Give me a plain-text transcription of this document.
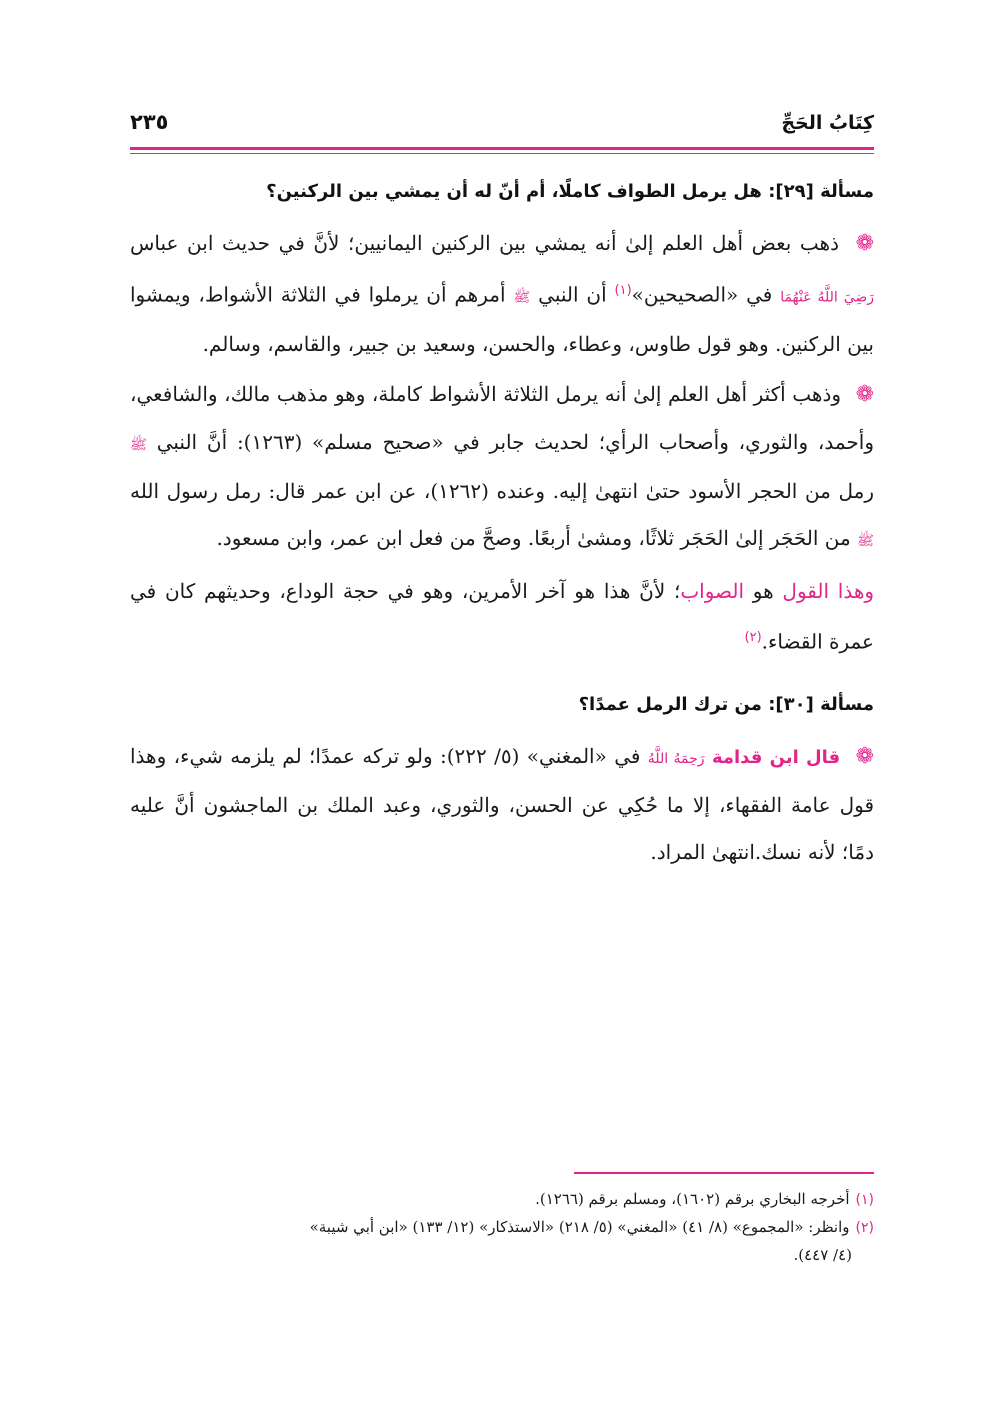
كِتَابُ الحَجِّ
٢٣٥
مسألة [٢٩]: هل يرمل الطواف كاملًا، أم أنّ له أن يمشي بين الركنين؟

❁ ذهب بعض أهل العلم إلىٰ أنه يمشي بين الركنين اليمانيين؛ لأنَّ في حديث ابن عباس رَضِيَ اللَّهُ عَنْهُمَا في «الصحيحين»$^{(١)}$ أن النبي ﷺ أمرهم أن يرملوا في الثلاثة الأشواط، ويمشوا بين الركنين. وهو قول طاوس، وعطاء، والحسن، وسعيد بن جبير، والقاسم، وسالم.

❁ وذهب أكثر أهل العلم إلىٰ أنه يرمل الثلاثة الأشواط كاملة، وهو مذهب مالك، والشافعي، وأحمد، والثوري، وأصحاب الرأي؛ لحديث جابر في «صحيح مسلم» (١٢٦٣): أنَّ النبي ﷺ رمل من الحجر الأسود حتىٰ انتهىٰ إليه. وعنده (١٢٦٢)، عن ابن عمر قال: رمل رسول الله ﷺ من الحَجَر إلىٰ الحَجَر ثلاثًا، ومشىٰ أربعًا. وصحَّ من فعل ابن عمر، وابن مسعود.

وهذا القول هو الصواب؛ لأنَّ هذا هو آخر الأمرين، وهو في حجة الوداع، وحديثهم كان في عمرة القضاء.$^{(٢)}$

مسألة [٣٠]: من ترك الرمل عمدًا؟

❁ قال ابن قدامة رَحِمَهُ اللَّهُ في «المغني» (٥/ ٢٢٢): ولو تركه عمدًا؛ لم يلزمه شيء، وهذا قول عامة الفقهاء، إلا ما حُكِي عن الحسن، والثوري، وعبد الملك بن الماجشون أنَّ عليه دمًا؛ لأنه نسك.انتهىٰ المراد.

(١)أخرجه البخاري برقم (١٦٠٢)، ومسلم برقم (١٢٦٦).

(٢)وانظر: «المجموع» (٨/ ٤١) «المغني» (٥/ ٢١٨) «الاستذكار» (١٢/ ١٣٣) «ابن أبي شيبة»

(٤/ ٤٤٧).
